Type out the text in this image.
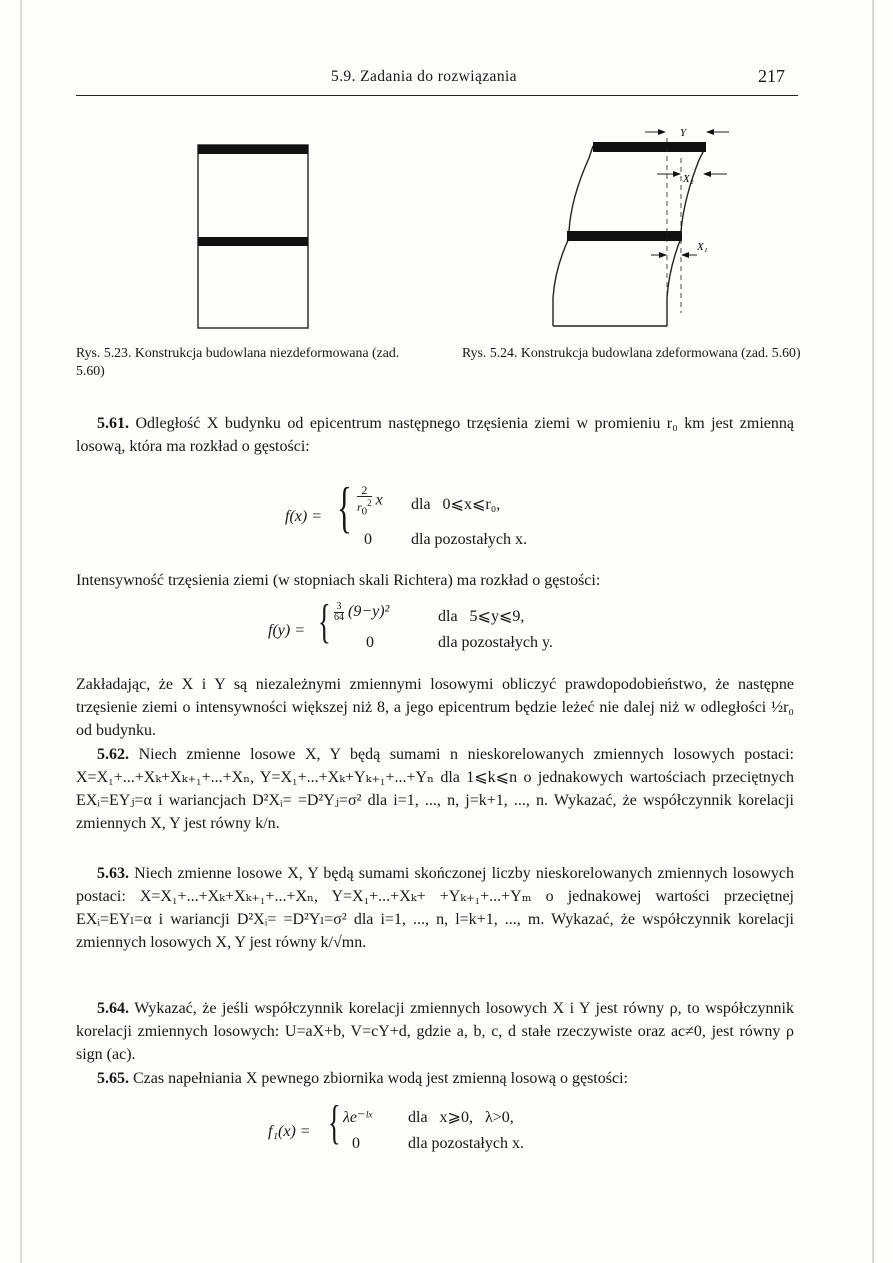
5.9. Zadania do rozwiązania	217
Y
X₂
X₁
Rys. 5.23. Konstrukcja budowlana niezdeformowana (zad. 5.60)
Rys. 5.24. Konstrukcja budowlana zdeformowana (zad. 5.60)
5.61. Odległość X budynku od epicentrum następnego trzęsienia ziemi w promieniu r₀ km jest zmienną losową, która ma rozkład o gęstości:
f(x) = { $\frac{2}{r_0^2}$ x dla   0⩽x⩽r₀,
0 dla pozostałych x.
Intensywność trzęsienia ziemi (w stopniach skali Richtera) ma rozkład o gęstości:
f(y) = { $\frac{3}{64} (9-y)^2$	dla   5⩽y⩽9,
0	dla pozostałych y.
Zakładając, że X i Y są niezależnymi zmiennymi losowymi obliczyć prawdopodobieństwo, że następne trzęsienie ziemi o intensywności większej niż 8, a jego epicentrum będzie leżeć nie dalej niż w odległości ½r₀ od budynku.
5.62. Niech zmienne losowe X, Y będą sumami n nieskorelowanych zmiennych losowych postaci: X=X₁+...+Xₖ+Xₖ₊₁+...+Xₙ, Y=X₁+...+Xₖ+Yₖ₊₁+...+Yₙ dla 1⩽k⩽n o jednakowych wartościach przeciętnych EXᵢ=EYⱼ=α i wariancjach D²Xᵢ= =D²Yⱼ=σ² dla i=1, ..., n, j=k+1, ..., n. Wykazać, że współczynnik korelacji zmiennych X, Y jest równy k/n.
5.63. Niech zmienne losowe X, Y będą sumami skończonej liczby nieskorelowanych zmiennych losowych postaci: X=X₁+...+Xₖ+Xₖ₊₁+...+Xₙ, Y=X₁+...+Xₖ+ +Yₖ₊₁+...+Yₘ o jednakowej wartości przeciętnej EXᵢ=EYₗ=α i wariancji D²Xᵢ= =D²Yₗ=σ² dla i=1, ..., n, l=k+1, ..., m. Wykazać, że współczynnik korelacji zmiennych losowych X, Y jest równy k/√mn.
5.64. Wykazać, że jeśli współczynnik korelacji zmiennych losowych X i Y jest równy ρ, to współczynnik korelacji zmiennych losowych: U=aX+b, V=cY+d, gdzie a, b, c, d stałe rzeczywiste oraz ac≠0, jest równy ρ sign (ac).
5.65. Czas napełniania X pewnego zbiornika wodą jest zmienną losową o gęstości:
f₁(x) = { λe⁻ˡˣ dla   x⩾0,   λ>0,
0	dla pozostałych x.
